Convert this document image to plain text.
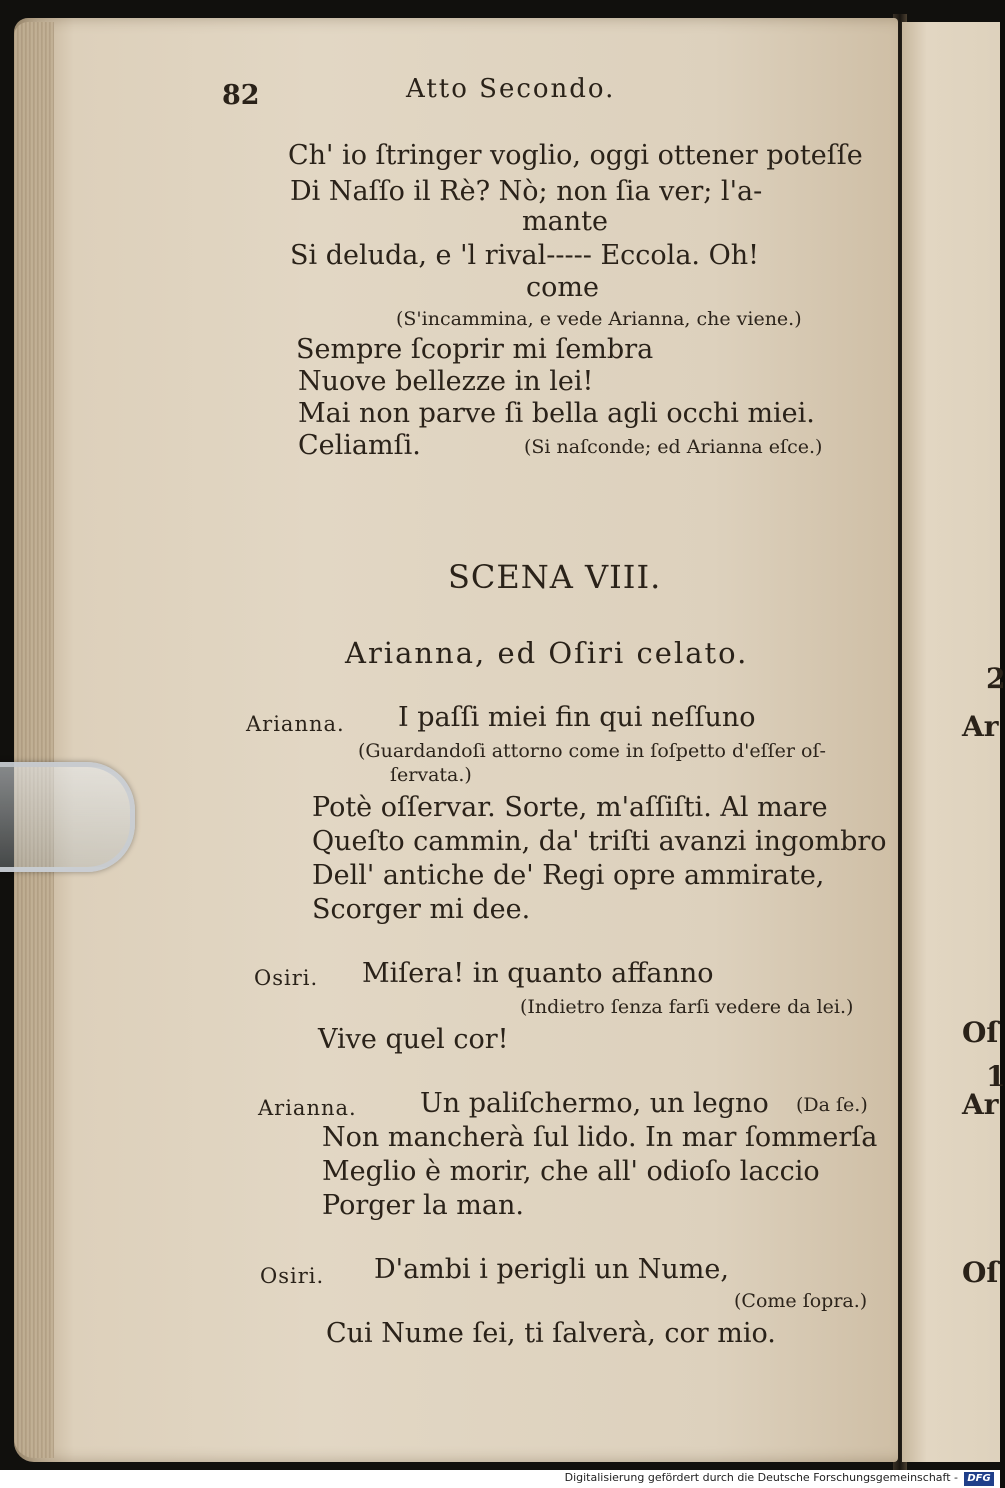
2
Ar
Oſ
1
Ar
Oſ
82	Atto Secondo.
Ch' io ſtringer voglio, oggi ottener poteſſe
Di Naſſo il Rè? Nò; non ſia ver; l'a-
mante
Si deluda, e 'l rival----- Eccola. Oh!
come
(S'incammina, e vede Arianna, che viene.)
Sempre ſcoprir mi ſembra
Nuove bellezze in lei!
Mai non parve ſi bella agli occhi miei.
Celiamſi.	(Si naſconde; ed Arianna eſce.)
SCENA VIII.
Arianna, ed Oſiri celato.
Arianna. I paſſi miei fin qui neſſuno
(Guardandoſi attorno come in ſoſpetto d'eſſer oſ-
ſervata.)
Potè oſſervar. Sorte, m'aſſiſti. Al mare
Queſto cammin, da' triſti avanzi ingombro
Dell' antiche de' Regi opre ammirate,
Scorger mi dee.
Osiri. Miſera! in quanto affanno
(Indietro ſenza farſi vedere da lei.)
Vive quel cor!
Arianna. Un paliſchermo, un legno (Da ſe.)
Non mancherà ſul lido. In mar ſommerſa
Meglio è morir, che all' odioſo laccio
Porger la man.
Osiri. D'ambi i perigli un Nume,
(Come ſopra.)
Cui Nume ſei, ti ſalverà, cor mio.
Digitalisierung gefördert durch die Deutsche Forschungsgemeinschaft - DFG
